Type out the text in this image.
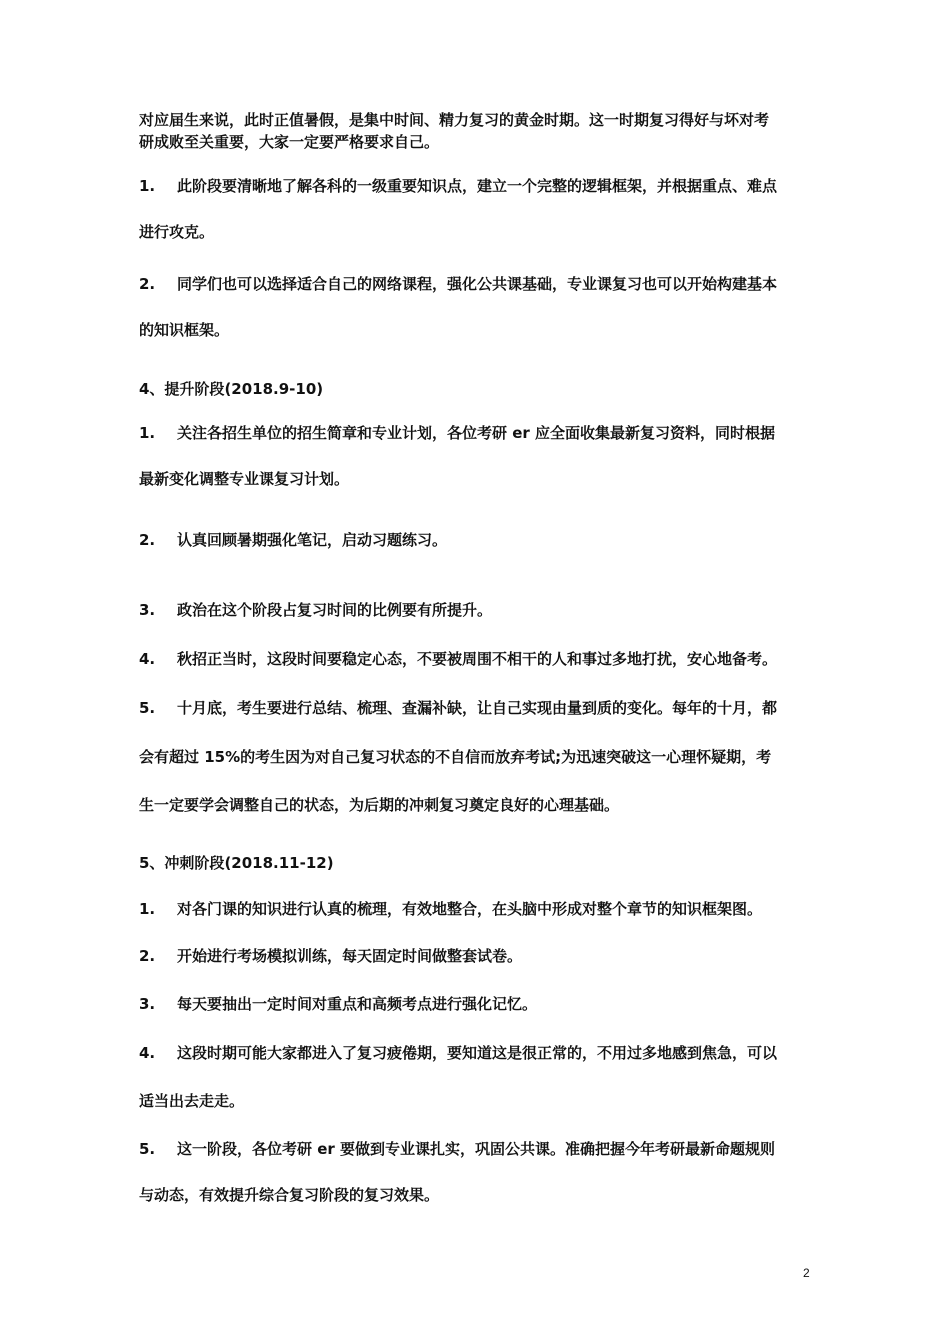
对应届生来说，此时正值暑假，是集中时间、精力复习的黄金时期。这一时期复习得好与坏对考
研成败至关重要，大家一定要严格要求自己。
1. 此阶段要清晰地了解各科的一级重要知识点，建立一个完整的逻辑框架，并根据重点、难点
进行攻克。
2. 同学们也可以选择适合自己的网络课程，强化公共课基础，专业课复习也可以开始构建基本
的知识框架。
4、提升阶段(2018.9-10)
1. 关注各招生单位的招生简章和专业计划，各位考研 er 应全面收集最新复习资料，同时根据
最新变化调整专业课复习计划。
2. 认真回顾暑期强化笔记，启动习题练习。
3. 政治在这个阶段占复习时间的比例要有所提升。
4. 秋招正当时，这段时间要稳定心态，不要被周围不相干的人和事过多地打扰，安心地备考。
5. 十月底，考生要进行总结、梳理、查漏补缺，让自己实现由量到质的变化。每年的十月，都
会有超过 15%的考生因为对自己复习状态的不自信而放弃考试;为迅速突破这一心理怀疑期，考
生一定要学会调整自己的状态，为后期的冲刺复习奠定良好的心理基础。
5、冲刺阶段(2018.11-12)
1. 对各门课的知识进行认真的梳理，有效地整合，在头脑中形成对整个章节的知识框架图。
2. 开始进行考场模拟训练，每天固定时间做整套试卷。
3. 每天要抽出一定时间对重点和高频考点进行强化记忆。
4. 这段时期可能大家都进入了复习疲倦期，要知道这是很正常的，不用过多地感到焦急，可以
适当出去走走。
5. 这一阶段，各位考研 er 要做到专业课扎实，巩固公共课。准确把握今年考研最新命题规则
与动态，有效提升综合复习阶段的复习效果。
2
